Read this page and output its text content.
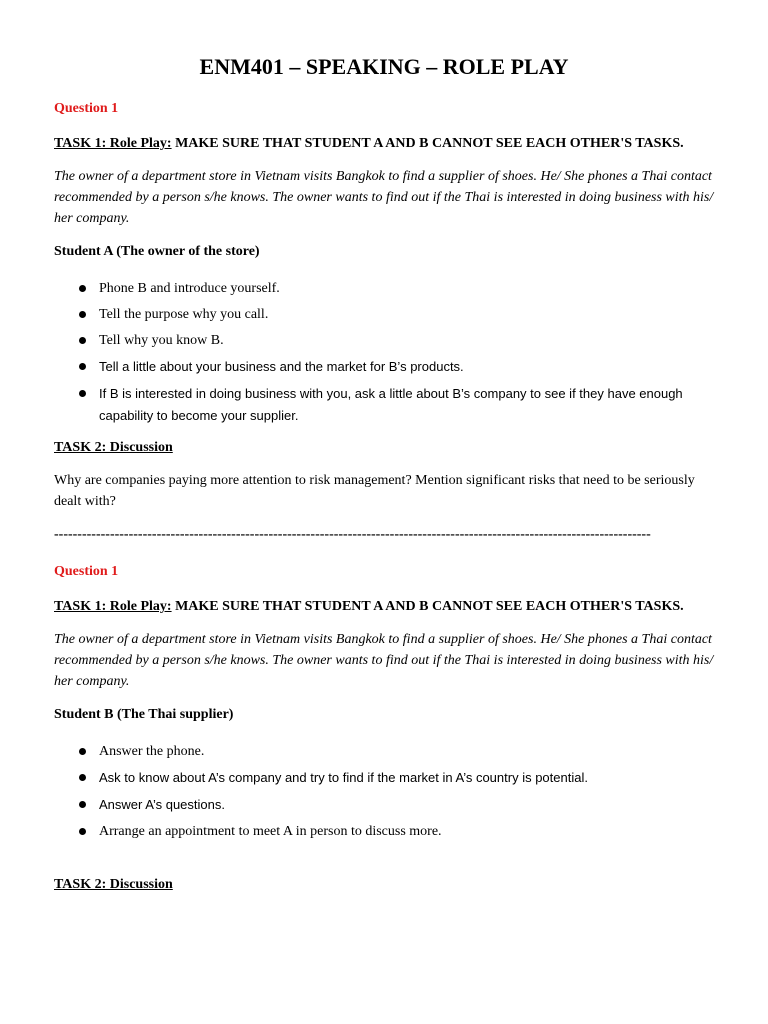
ENM401 – SPEAKING – ROLE PLAY

Question 1

TASK 1: Role Play: MAKE SURE THAT STUDENT A AND B CANNOT SEE EACH OTHER'S TASKS.

The owner of a department store in Vietnam visits Bangkok to find a supplier of shoes. He/ She phones a Thai contact recommended by a person s/he knows. The owner wants to find out if the Thai is interested in doing business with his/ her company.

Student A (The owner of the store)

Phone B and introduce yourself.
Tell the purpose why you call.
Tell why you know B.
Tell a little about your business and the market for B’s products.
If B is interested in doing business with you, ask a little about B’s company to see if they have enough capability to become your supplier.

TASK 2: Discussion

Why are companies paying more attention to risk management? Mention significant risks that need to be seriously dealt with?

--------------------------------------------------------------------------------------------------------------------------------

Question 1

TASK 1: Role Play: MAKE SURE THAT STUDENT A AND B CANNOT SEE EACH OTHER'S TASKS.

The owner of a department store in Vietnam visits Bangkok to find a supplier of shoes. He/ She phones a Thai contact recommended by a person s/he knows. The owner wants to find out if the Thai is interested in doing business with his/ her company.

Student B (The Thai supplier)

Answer the phone.
Ask to know about A’s company and try to find if the market in A’s country is potential.
Answer A’s questions.
Arrange an appointment to meet A in person to discuss more.

TASK 2: Discussion
